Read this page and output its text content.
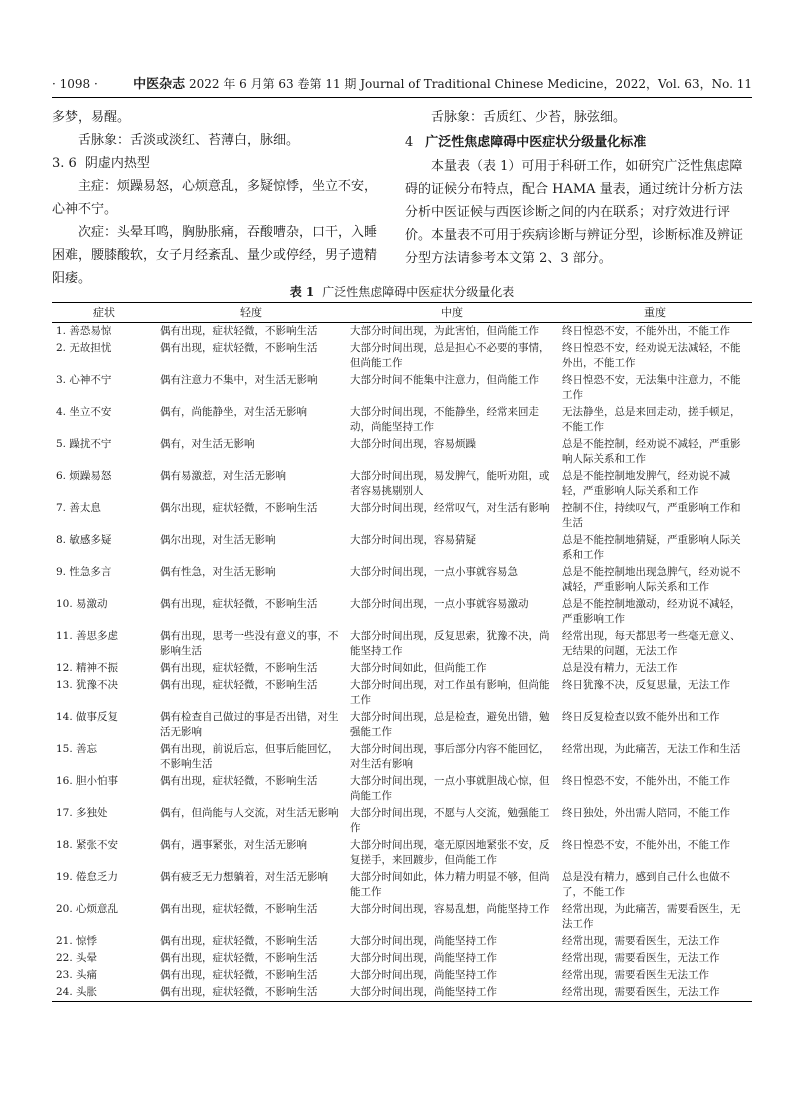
· 1098 ·	中医杂志 2022 年 6 月第 63 卷第 11 期 Journal of Traditional Chinese Medicine，2022，Vol. 63，No. 11

多梦，易醒。

舌脉象：舌淡或淡红、苔薄白，脉细。

3. 6 阴虚内热型

主症：烦躁易怒，心烦意乱，多疑惊悸，坐立不安，心神不宁。

次症：头晕耳鸣，胸胁胀痛，吞酸嘈杂，口干，入睡困难，腰膝酸软，女子月经紊乱、量少或停经，男子遗精阳痿。

舌脉象：舌质红、少苔，脉弦细。

4 广泛性焦虑障碍中医症状分级量化标准

本量表（表 1）可用于科研工作，如研究广泛性焦虑障碍的证候分布特点，配合 HAMA 量表，通过统计分析方法分析中医证候与西医诊断之间的内在联系；对疗效进行评价。本量表不可用于疾病诊断与辨证分型，诊断标准及辨证分型方法请参考本文第 2、3 部分。

表 1 广泛性焦虑障碍中医症状分级量化表
症状	轻度	中度	重度
1. 善恐易惊	偶有出现，症状轻微，不影响生活	大部分时间出现，为此害怕，但尚能工作	终日惶恐不安，不能外出，不能工作
2. 无故担忧	偶有出现，症状轻微，不影响生活	大部分时间出现，总是担心不必要的事情，但尚能工作	终日惶恐不安，经劝说无法减轻，不能外出，不能工作
3. 心神不宁	偶有注意力不集中，对生活无影响	大部分时间不能集中注意力，但尚能工作	终日惶恐不安，无法集中注意力，不能工作
4. 坐立不安	偶有，尚能静坐，对生活无影响	大部分时间出现，不能静坐，经常来回走动，尚能坚持工作	无法静坐，总是来回走动，搓手顿足，不能工作
5. 躁扰不宁	偶有，对生活无影响	大部分时间出现，容易烦躁	总是不能控制，经劝说不减轻，严重影响人际关系和工作
6. 烦躁易怒	偶有易激惹，对生活无影响	大部分时间出现，易发脾气，能听劝阻，或者容易挑剔别人	总是不能控制地发脾气，经劝说不减轻，严重影响人际关系和工作
7. 善太息	偶尔出现，症状轻微，不影响生活	大部分时间出现，经常叹气，对生活有影响	控制不住，持续叹气，严重影响工作和生活
8. 敏感多疑	偶尔出现，对生活无影响	大部分时间出现，容易猜疑	总是不能控制地猜疑，严重影响人际关系和工作
9. 性急多言	偶有性急，对生活无影响	大部分时间出现，一点小事就容易急	总是不能控制地出现急脾气，经劝说不减轻，严重影响人际关系和工作
10. 易激动	偶有出现，症状轻微，不影响生活	大部分时间出现，一点小事就容易激动	总是不能控制地激动，经劝说不减轻，严重影响工作
11. 善思多虑	偶有出现，思考一些没有意义的事，不影响生活	大部分时间出现，反复思索，犹豫不决，尚能坚持工作	经常出现，每天都思考一些毫无意义、无结果的问题，无法工作
12. 精神不振	偶有出现，症状轻微，不影响生活	大部分时间如此，但尚能工作	总是没有精力，无法工作
13. 犹豫不决	偶有出现，症状轻微，不影响生活	大部分时间出现，对工作虽有影响，但尚能工作	终日犹豫不决，反复思量，无法工作
14. 做事反复	偶有检查自己做过的事是否出错，对生活无影响	大部分时间出现，总是检查，避免出错，勉强能工作	终日反复检查以致不能外出和工作
15. 善忘	偶有出现，前说后忘，但事后能回忆，不影响生活	大部分时间出现，事后部分内容不能回忆，对生活有影响	经常出现，为此痛苦，无法工作和生活
16. 胆小怕事	偶有出现，症状轻微，不影响生活	大部分时间出现，一点小事就胆战心惊，但尚能工作	终日惶恐不安，不能外出，不能工作
17. 多独处	偶有，但尚能与人交流，对生活无影响	大部分时间出现，不愿与人交流，勉强能工作	终日独处，外出需人陪同，不能工作
18. 紧张不安	偶有，遇事紧张，对生活无影响	大部分时间出现，毫无原因地紧张不安，反复搓手，来回踱步，但尚能工作	终日惶恐不安，不能外出，不能工作
19. 倦怠乏力	偶有疲乏无力想躺着，对生活无影响	大部分时间如此，体力精力明显不够，但尚能工作	总是没有精力，感到自己什么也做不了，不能工作
20. 心烦意乱	偶有出现，症状轻微，不影响生活	大部分时间出现，容易乱想，尚能坚持工作	经常出现，为此痛苦，需要看医生，无法工作
21. 惊悸	偶有出现，症状轻微，不影响生活	大部分时间出现，尚能坚持工作	经常出现，需要看医生，无法工作
22. 头晕	偶有出现，症状轻微，不影响生活	大部分时间出现，尚能坚持工作	经常出现，需要看医生，无法工作
23. 头痛	偶有出现，症状轻微，不影响生活	大部分时间出现，尚能坚持工作	经常出现，需要看医生无法工作
24. 头胀	偶有出现，症状轻微，不影响生活	大部分时间出现，尚能坚持工作	经常出现，需要看医生，无法工作
